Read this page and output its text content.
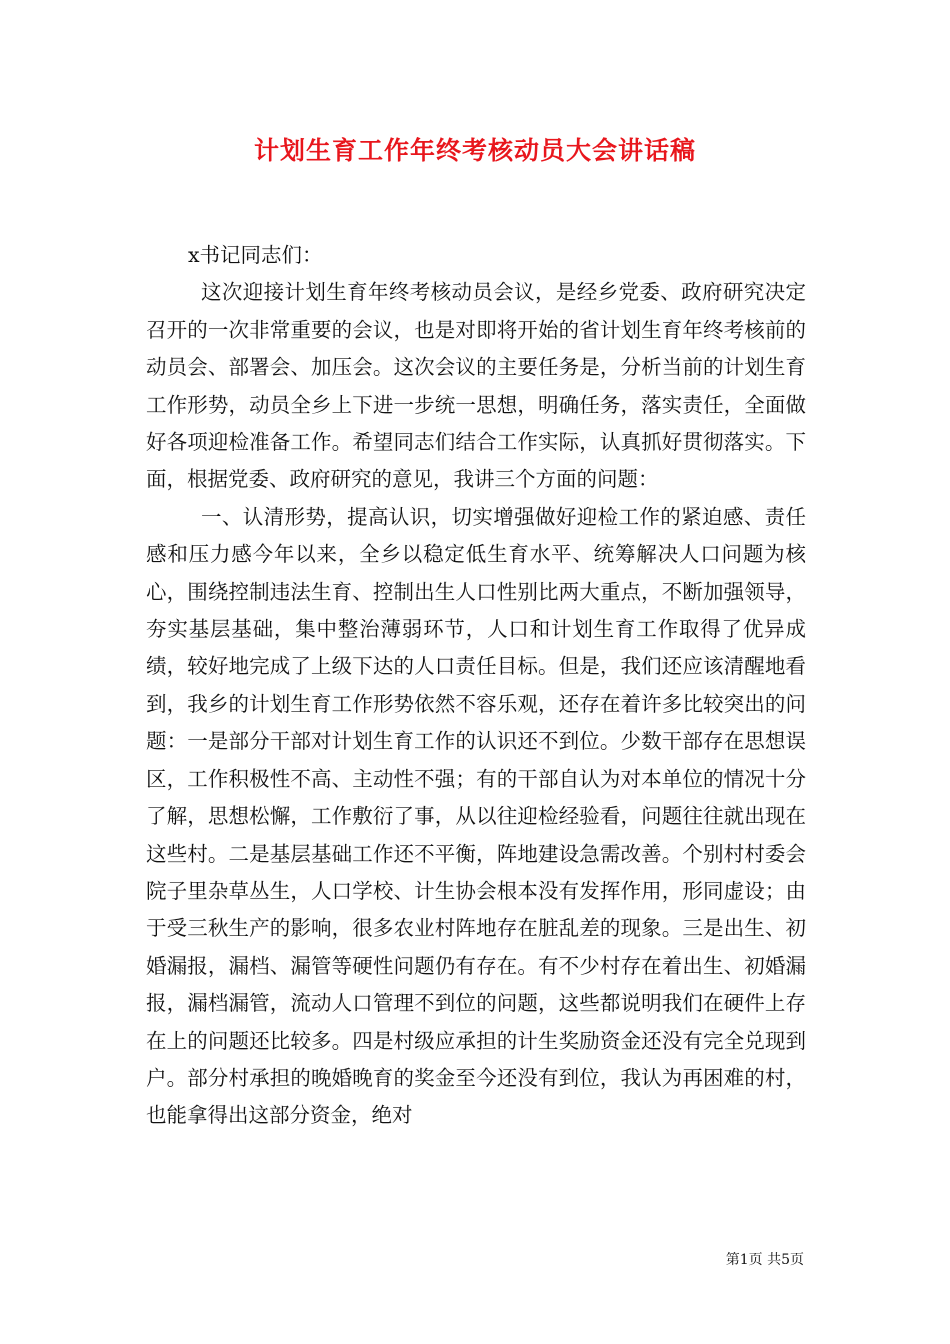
计划生育工作年终考核动员大会讲话稿

x书记同志们：

这次迎接计划生育年终考核动员会议，是经乡党委、政府研究决定召开的一次非常重要的会议，也是对即将开始的省计划生育年终考核前的动员会、部署会、加压会。这次会议的主要任务是，分析当前的计划生育工作形势，动员全乡上下进一步统一思想，明确任务，落实责任，全面做好各项迎检准备工作。希望同志们结合工作实际，认真抓好贯彻落实。下面，根据党委、政府研究的意见，我讲三个方面的问题：

一、认清形势，提高认识，切实增强做好迎检工作的紧迫感、责任感和压力感今年以来，全乡以稳定低生育水平、统筹解决人口问题为核心，围绕控制违法生育、控制出生人口性别比两大重点，不断加强领导，夯实基层基础，集中整治薄弱环节，人口和计划生育工作取得了优异成绩，较好地完成了上级下达的人口责任目标。但是，我们还应该清醒地看到，我乡的计划生育工作形势依然不容乐观，还存在着许多比较突出的问题：一是部分干部对计划生育工作的认识还不到位。少数干部存在思想误区，工作积极性不高、主动性不强；有的干部自认为对本单位的情况十分了解，思想松懈，工作敷衍了事，从以往迎检经验看，问题往往就出现在这些村。二是基层基础工作还不平衡，阵地建设急需改善。个别村村委会院子里杂草丛生，人口学校、计生协会根本没有发挥作用，形同虚设；由于受三秋生产的影响，很多农业村阵地存在脏乱差的现象。三是出生、初婚漏报，漏档、漏管等硬性问题仍有存在。有不少村存在着出生、初婚漏报，漏档漏管，流动人口管理不到位的问题，这些都说明我们在硬件上存在上的问题还比较多。四是村级应承担的计生奖励资金还没有完全兑现到户。部分村承担的晚婚晚育的奖金至今还没有到位，我认为再困难的村，也能拿得出这部分资金，绝对

第1页 共5页
